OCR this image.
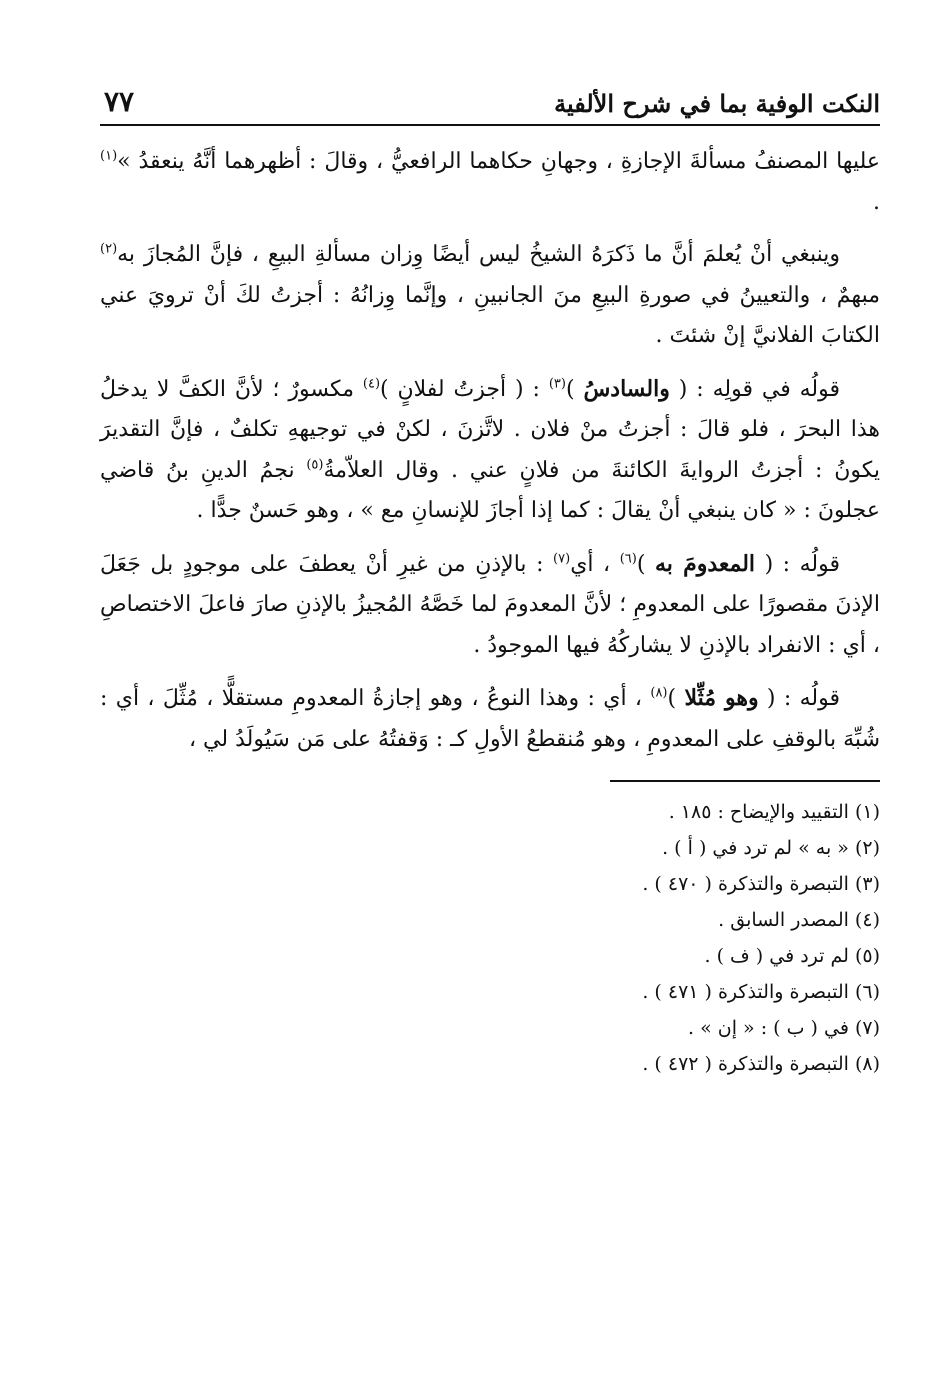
النكت الوفية بما في شرح الألفية
٧٧

عليها المصنفُ مسألةَ الإجازةِ ، وجهانِ حكاهما الرافعيُّ ، وقالَ : أظهرهما أنَّهُ ينعقدُ »$^{(١)}$ .

وينبغي أنْ يُعلمَ أنَّ ما ذَكرَهُ الشيخُ ليس أيضًا وِزان مسألةِ البيعِ ، فإنَّ المُجازَ به$^{(٢)}$ مبهمٌ ، والتعيينُ في صورةِ البيعِ منَ الجانبينِ ، وإنَّما وِزانُهُ : أجزتُ لكَ أنْ ترويَ عني الكتابَ الفلانيَّ إنْ شئتَ .

قولُه في قولِه : ( والسادسُ )$^{(٣)}$ : ( أجزتُ لفلانٍ )$^{(٤)}$ مكسورٌ ؛ لأنَّ الكفَّ لا يدخلُ هذا البحرَ ، فلو قالَ : أجزتُ منْ فلان . لاتَّزنَ ، لكنْ في توجيههِ تكلفٌ ، فإنَّ التقديرَ يكونُ : أجزتُ الروايةَ الكائنةَ من فلانٍ عني . وقال العلاّمةُ$^{(٥)}$ نجمُ الدينِ بنُ قاضي عجلونَ : « كان ينبغي أنْ يقالَ : كما إذا أجازَ للإنسانِ مع » ، وهو حَسنٌ جدًّا .

قولُه : ( المعدومَ به )$^{(٦)}$ ، أي$^{(٧)}$ : بالإذنِ من غيرِ أنْ يعطفَ على موجودٍ بل جَعَلَ الإذنَ مقصورًا على المعدومِ ؛ لأنَّ المعدومَ لما خَصَّهُ المُجيزُ بالإذنِ صارَ فاعلَ الاختصاصِ ، أي : الانفراد بالإذنِ لا يشاركُهُ فيها الموجودُ .

قولُه : ( وهو مُثِّلا )$^{(٨)}$ ، أي : وهذا النوعُ ، وهو إجازةُ المعدومِ مستقلًّا ، مُثِّلَ ، أي : شُبِّهَ بالوقفِ على المعدومِ ، وهو مُنقطعُ الأولِ كـ : وَقفتُهُ على مَن سَيُولَدُ لي ،

(١) التقييد والإيضاح : ١٨٥ .
(٢) « به » لم ترد في ( أ ) .
(٣) التبصرة والتذكرة ( ٤٧٠ ) .
(٤) المصدر السابق .
(٥) لم ترد في ( ف ) .
(٦) التبصرة والتذكرة ( ٤٧١ ) .
(٧) في ( ب ) : « إن » .
(٨) التبصرة والتذكرة ( ٤٧٢ ) .
